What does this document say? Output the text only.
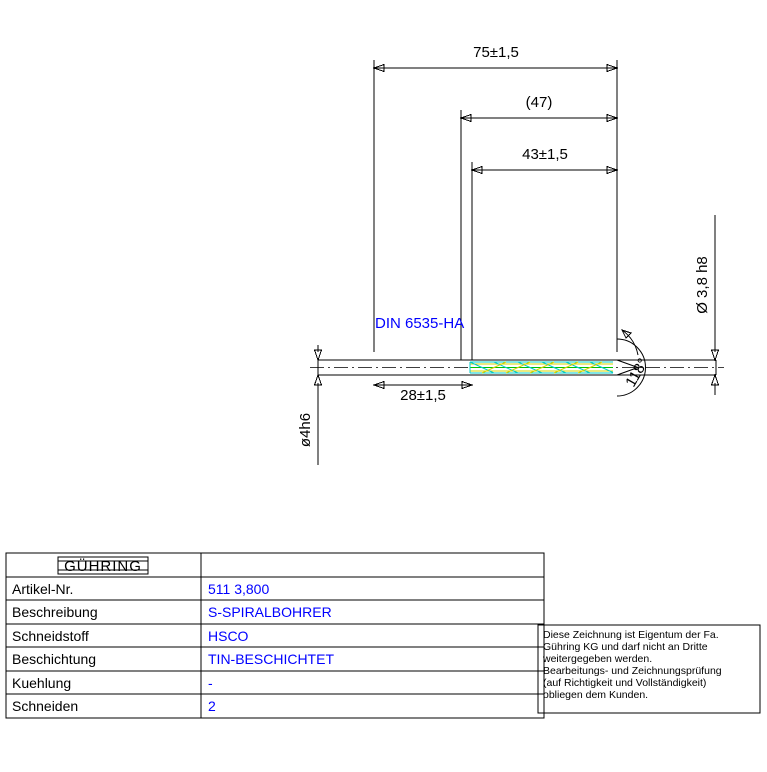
75±1,5
(47)
43±1,5
28±1,5
118°
Ø 3,8 h8
ø4h6
DIN 6535-HA
GÜHRING
Artikel-Nr.	511 3,800
Beschreibung	S-SPIRALBOHRER
Schneidstoff	HSCO
Beschichtung	TIN-BESCHICHTET
Kuehlung	-
Schneiden	2
Diese Zeichnung ist Eigentum der Fa.
Gühring KG und darf nicht an Dritte
weitergegeben werden.
Bearbeitungs- und Zeichnungsprüfung
(auf Richtigkeit und Vollständigkeit)
obliegen dem Kunden.
